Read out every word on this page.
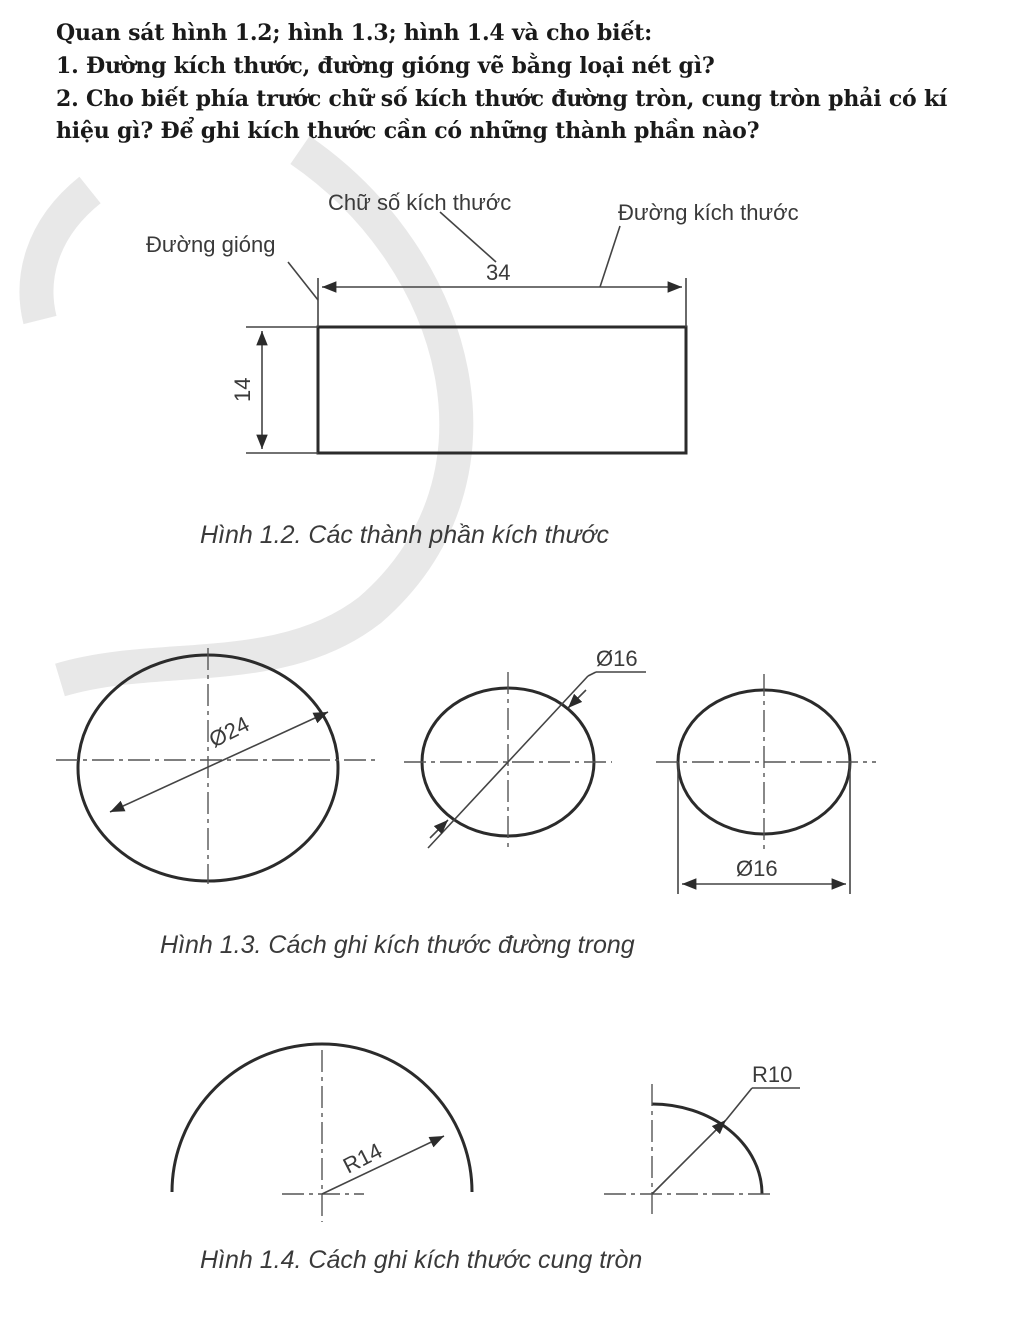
Quan sát hình 1.2; hình 1.3; hình 1.4 và cho biết:
1. Đường kích thước, đường gióng vẽ bằng loại nét gì?
2. Cho biết phía trước chữ số kích thước đường tròn, cung tròn phải có kí
hiệu gì? Để ghi kích thước cần có những thành phần nào?
Chữ số kích thước	Đường kích thước
Đường gióng
34
14
Hình 1.2. Các thành phần kích thước
Ø24
Ø16
Ø16
Hình 1.3. Cách ghi kích thước đường trong
R14
R10
Hình 1.4. Cách ghi kích thước cung tròn
